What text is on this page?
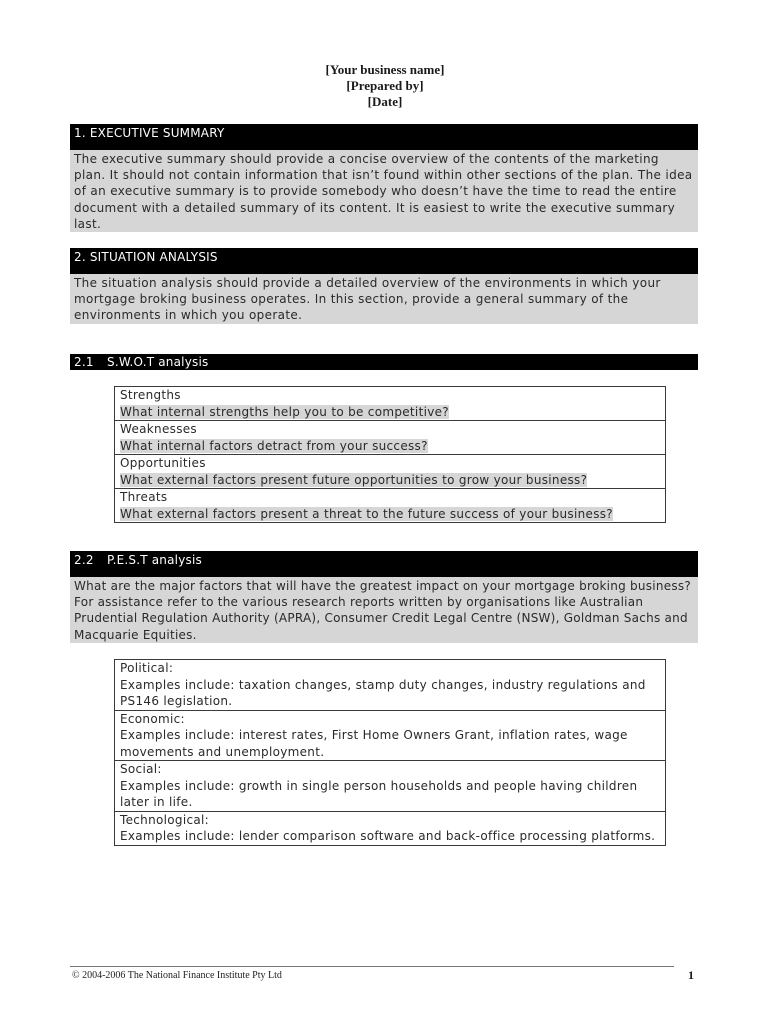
[Your business name]
[Prepared by]
[Date]
1. EXECUTIVE SUMMARY
The executive summary should provide a concise overview of the contents of the marketing plan. It should not contain information that isn’t found within other sections of the plan. The idea of an executive summary is to provide somebody who doesn’t have the time to read the entire document with a detailed summary of its content. It is easiest to write the executive summary last.
2. SITUATION ANALYSIS
The situation analysis should provide a detailed overview of the environments in which your mortgage broking business operates. In this section, provide a general summary of the environments in which you operate.
2.1 S.W.O.T analysis
Strengths
What internal strengths help you to be competitive?
Weaknesses
What internal factors detract from your success?
Opportunities
What external factors present future opportunities to grow your business?
Threats
What external factors present a threat to the future success of your business?
2.2 P.E.S.T analysis
What are the major factors that will have the greatest impact on your mortgage broking business? For assistance refer to the various research reports written by organisations like Australian Prudential Regulation Authority (APRA), Consumer Credit Legal Centre (NSW), Goldman Sachs and Macquarie Equities.
Political:
Examples include: taxation changes, stamp duty changes, industry regulations and PS146 legislation.
Economic:
Examples include: interest rates, First Home Owners Grant, inflation rates, wage movements and unemployment.
Social:
Examples include: growth in single person households and people having children later in life.
Technological:
Examples include: lender comparison software and back-office processing platforms.
© 2004-2006 The National Finance Institute Pty Ltd	1
